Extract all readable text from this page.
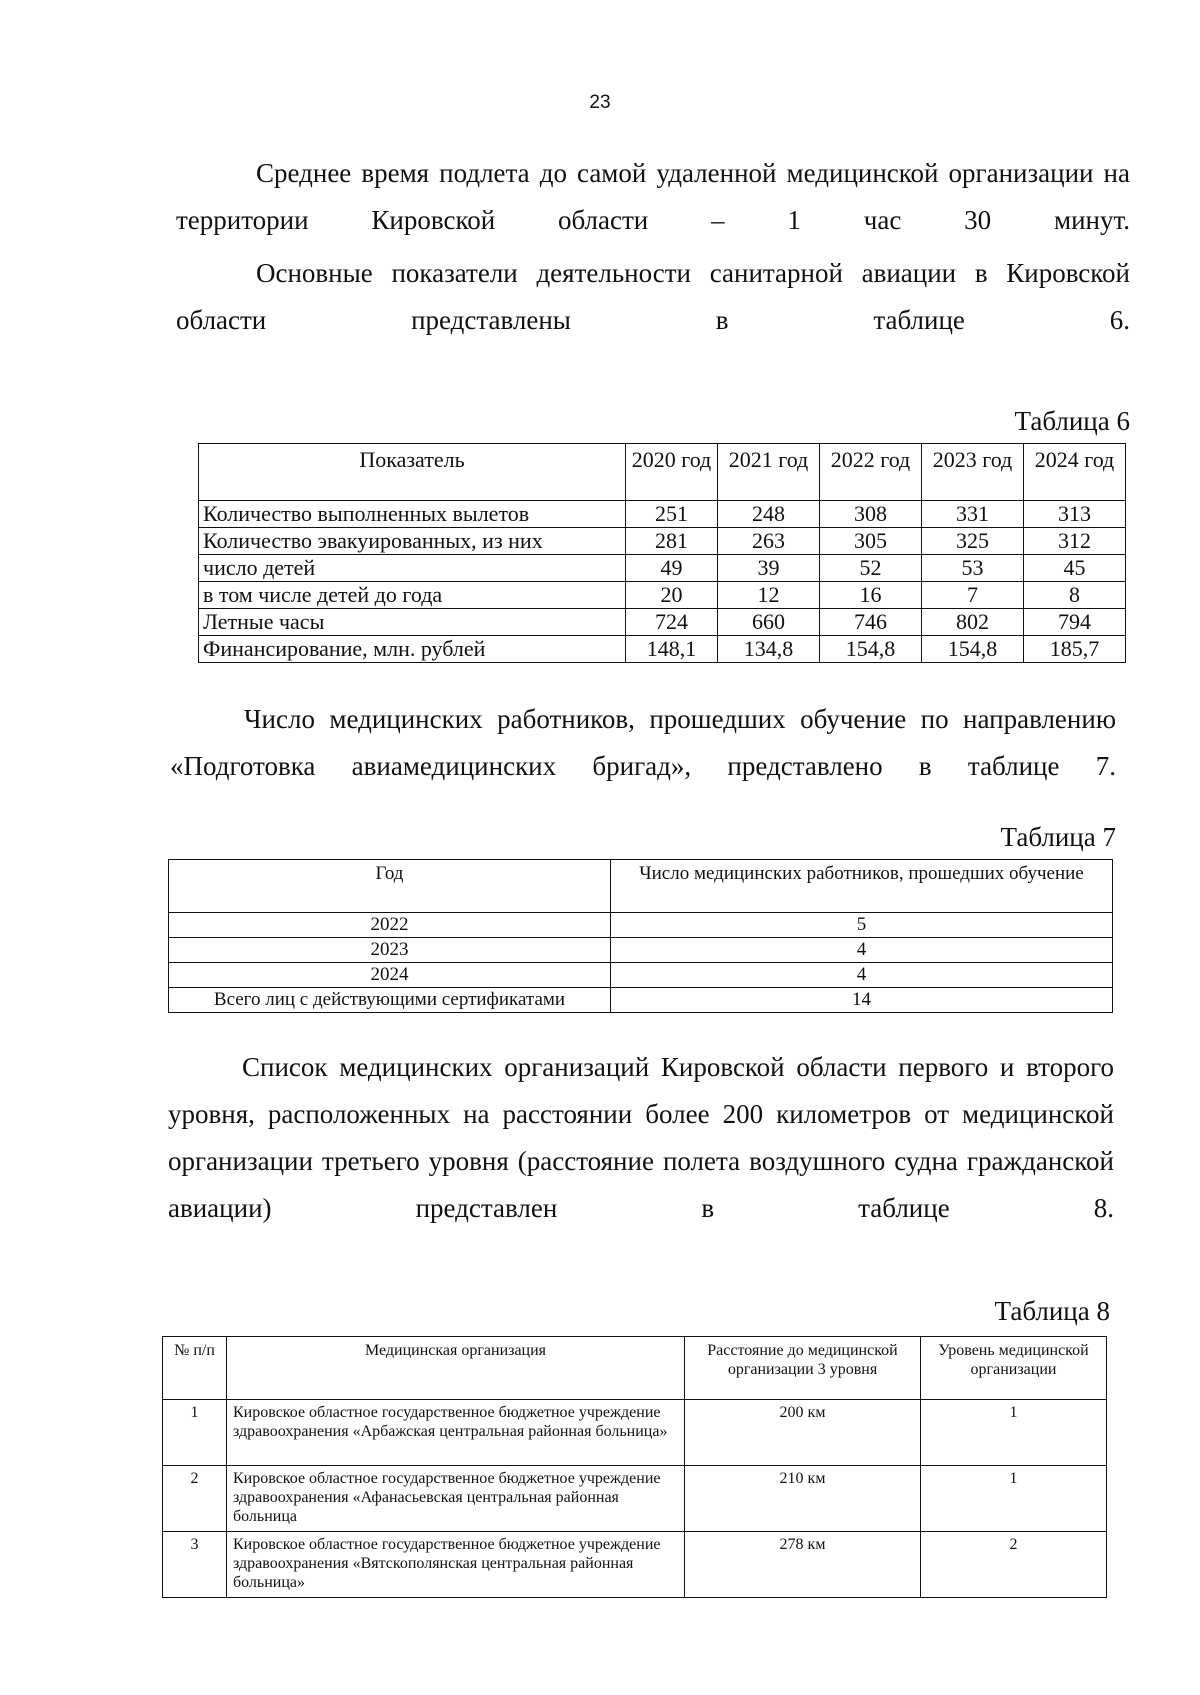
23

Среднее время подлета до самой удаленной медицинской организации на территории Кировской области – 1 час 30 минут.

Основные показатели деятельности санитарной авиации в Кировской области представлены в таблице 6.

Таблица 6

Показатель	2020 год	2021 год	2022 год	2023 год	2024 год
Количество выполненных вылетов	251	248	308	331	313
Количество эвакуированных, из них	281	263	305	325	312
число детей	49	39	52	53	45
в том числе детей до года	20	12	16	7	8
Летные часы	724	660	746	802	794
Финансирование, млн. рублей	148,1	134,8	154,8	154,8	185,7

Число медицинских работников, прошедших обучение по направлению «Подготовка авиамедицинских бригад», представлено в таблице 7.

Таблица 7

Год	Число медицинских работников, прошедших обучение
2022	5
2023	4
2024	4
Всего лиц с действующими сертификатами	14

Список медицинских организаций Кировской области первого и второго уровня, расположенных на расстоянии более 200 километров от медицинской организации третьего уровня (расстояние полета воздушного судна гражданской авиации) представлен в таблице 8.

Таблица 8

№ п/п	Медицинская организация	Расстояние до медицинской организации 3 уровня	Уровень медицинской организации
1	Кировское областное государственное бюджетное учреждение здравоохранения «Арбажская центральная районная больница»	200 км	1
2	Кировское областное государственное бюджетное учреждение здравоохранения «Афанасьевская центральная районная больница	210 км	1
3	Кировское областное государственное бюджетное учреждение здравоохранения «Вятскополянская центральная районная больница»	278 км	2
